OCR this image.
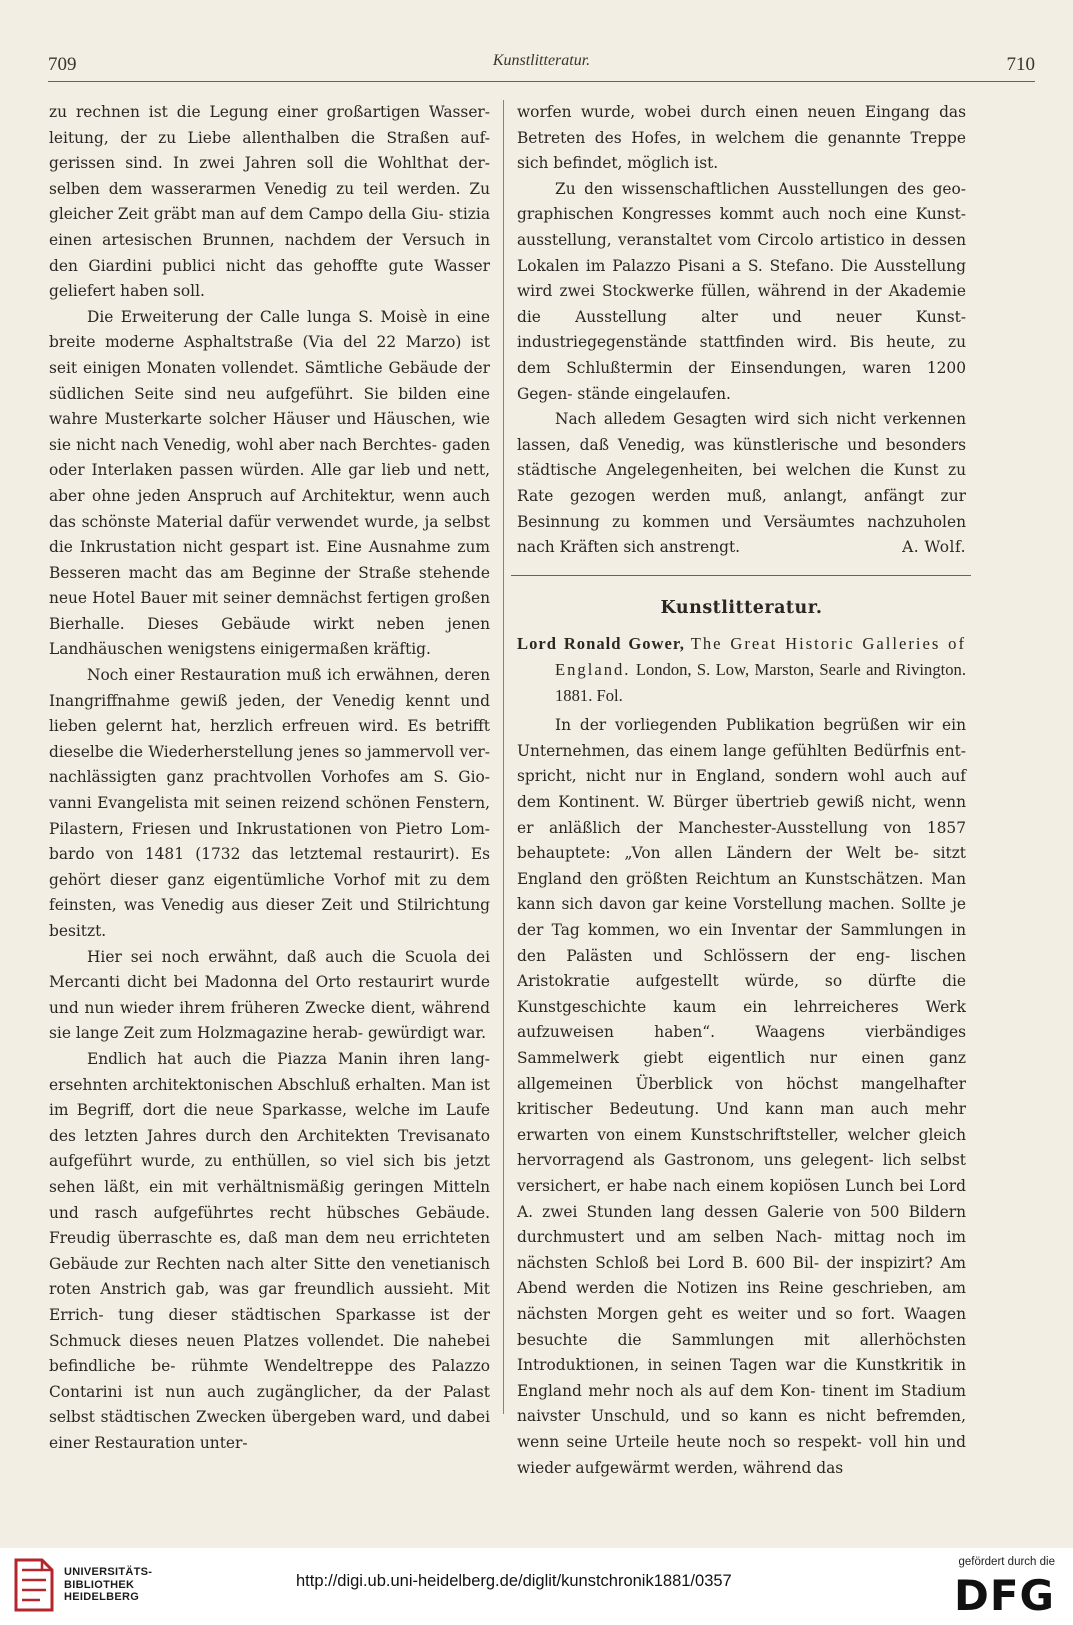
709	Kunstlitteratur.	710

zu rechnen ist die Legung einer großartigen Wasser- leitung, der zu Liebe allenthalben die Straßen auf- gerissen sind. In zwei Jahren soll die Wohlthat der- selben dem wasserarmen Venedig zu teil werden. Zu gleicher Zeit gräbt man auf dem Campo della Giu- stizia einen artesischen Brunnen, nachdem der Versuch in den Giardini publici nicht das gehoffte gute Wasser geliefert haben soll.

Die Erweiterung der Calle lunga S. Moisè in eine breite moderne Asphaltstraße (Via del 22 Marzo) ist seit einigen Monaten vollendet. Sämtliche Gebäude der südlichen Seite sind neu aufgeführt. Sie bilden eine wahre Musterkarte solcher Häuser und Häuschen, wie sie nicht nach Venedig, wohl aber nach Berchtes- gaden oder Interlaken passen würden. Alle gar lieb und nett, aber ohne jeden Anspruch auf Architektur, wenn auch das schönste Material dafür verwendet wurde, ja selbst die Inkrustation nicht gespart ist. Eine Ausnahme zum Besseren macht das am Beginne der Straße stehende neue Hotel Bauer mit seiner demnächst fertigen großen Bierhalle. Dieses Gebäude wirkt neben jenen Landhäuschen wenigstens einigermaßen kräftig.

Noch einer Restauration muß ich erwähnen, deren Inangriffnahme gewiß jeden, der Venedig kennt und lieben gelernt hat, herzlich erfreuen wird. Es betrifft dieselbe die Wiederherstellung jenes so jammervoll ver- nachlässigten ganz prachtvollen Vorhofes am S. Gio- vanni Evangelista mit seinen reizend schönen Fenstern, Pilastern, Friesen und Inkrustationen von Pietro Lom- bardo von 1481 (1732 das letztemal restaurirt). Es gehört dieser ganz eigentümliche Vorhof mit zu dem feinsten, was Venedig aus dieser Zeit und Stilrichtung besitzt.

Hier sei noch erwähnt, daß auch die Scuola dei Mercanti dicht bei Madonna del Orto restaurirt wurde und nun wieder ihrem früheren Zwecke dient, während sie lange Zeit zum Holzmagazine herab- gewürdigt war.

Endlich hat auch die Piazza Manin ihren lang- ersehnten architektonischen Abschluß erhalten. Man ist im Begriff, dort die neue Sparkasse, welche im Laufe des letzten Jahres durch den Architekten Trevisanato aufgeführt wurde, zu enthüllen, so viel sich bis jetzt sehen läßt, ein mit verhältnismäßig geringen Mitteln und rasch aufgeführtes recht hübsches Gebäude. Freudig überraschte es, daß man dem neu errichteten Gebäude zur Rechten nach alter Sitte den venetianisch roten Anstrich gab, was gar freundlich aussieht. Mit Errich- tung dieser städtischen Sparkasse ist der Schmuck dieses neuen Platzes vollendet. Die nahebei befindliche be- rühmte Wendeltreppe des Palazzo Contarini ist nun auch zugänglicher, da der Palast selbst städtischen Zwecken übergeben ward, und dabei einer Restauration unter-

worfen wurde, wobei durch einen neuen Eingang das Betreten des Hofes, in welchem die genannte Treppe sich befindet, möglich ist.

Zu den wissenschaftlichen Ausstellungen des geo- graphischen Kongresses kommt auch noch eine Kunst- ausstellung, veranstaltet vom Circolo artistico in dessen Lokalen im Palazzo Pisani a S. Stefano. Die Ausstellung wird zwei Stockwerke füllen, während in der Akademie die Ausstellung alter und neuer Kunst- industriegegenstände stattfinden wird. Bis heute, zu dem Schlußtermin der Einsendungen, waren 1200 Gegen- stände eingelaufen.

Nach alledem Gesagten wird sich nicht verkennen lassen, daß Venedig, was künstlerische und besonders städtische Angelegenheiten, bei welchen die Kunst zu Rate gezogen werden muß, anlangt, anfängt zur Besinnung zu kommen und Versäumtes nachzuholen nach Kräften sich anstrengt.	A. Wolf.

Kunstlitteratur.
Lord Ronald Gower, The Great Historic Galleries of England. London, S. Low, Marston, Searle and Rivington. 1881. Fol.

In der vorliegenden Publikation begrüßen wir ein Unternehmen, das einem lange gefühlten Bedürfnis ent- spricht, nicht nur in England, sondern wohl auch auf dem Kontinent. W. Bürger übertrieb gewiß nicht, wenn er anläßlich der Manchester-Ausstellung von 1857 behauptete: „Von allen Ländern der Welt be- sitzt England den größten Reichtum an Kunstschätzen. Man kann sich davon gar keine Vorstellung machen. Sollte je der Tag kommen, wo ein Inventar der Sammlungen in den Palästen und Schlössern der eng- lischen Aristokratie aufgestellt würde, so dürfte die Kunstgeschichte kaum ein lehrreicheres Werk aufzuweisen haben“. Waagens vierbändiges Sammelwerk giebt eigentlich nur einen ganz allgemeinen Überblick von höchst mangelhafter kritischer Bedeutung. Und kann man auch mehr erwarten von einem Kunstschriftsteller, welcher gleich hervorragend als Gastronom, uns gelegent- lich selbst versichert, er habe nach einem kopiösen Lunch bei Lord A. zwei Stunden lang dessen Galerie von 500 Bildern durchmustert und am selben Nach- mittag noch im nächsten Schloß bei Lord B. 600 Bil- der inspizirt? Am Abend werden die Notizen ins Reine geschrieben, am nächsten Morgen geht es weiter und so fort. Waagen besuchte die Sammlungen mit allerhöchsten Introduktionen, in seinen Tagen war die Kunstkritik in England mehr noch als auf dem Kon- tinent im Stadium naivster Unschuld, und so kann es nicht befremden, wenn seine Urteile heute noch so respekt- voll hin und wieder aufgewärmt werden, während das

UNIVERSITÄTS-
BIBLIOTHEK
HEIDELBERG
http://digi.ub.uni-heidelberg.de/diglit/kunstchronik1881/0357
gefördert durch die
DFG
